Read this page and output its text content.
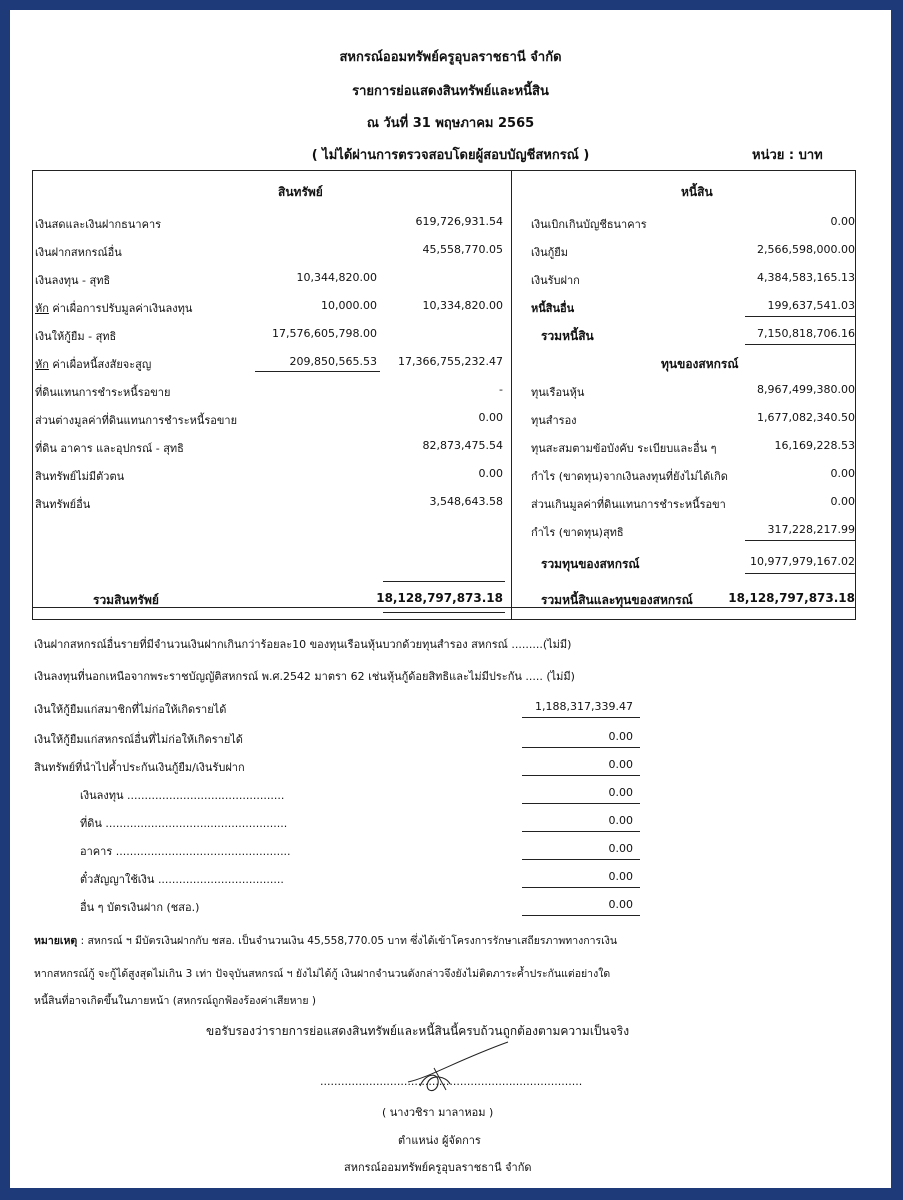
สหกรณ์ออมทรัพย์ครูอุบลราชธานี จำกัด
รายการย่อแสดงสินทรัพย์และหนี้สิน
ณ วันที่ 31 พฤษภาคม 2565
( ไม่ได้ผ่านการตรวจสอบโดยผู้สอบบัญชีสหกรณ์ )	หน่วย : บาท
สินทรัพย์	หนี้สิน
เงินสดและเงินฝากธนาคาร	619,726,931.54
เงินฝากสหกรณ์อื่น	45,558,770.05
เงินลงทุน - สุทธิ	10,344,820.00
หัก ค่าเผื่อการปรับมูลค่าเงินลงทุน	10,000.00	10,334,820.00
เงินให้กู้ยืม - สุทธิ	17,576,605,798.00
หัก ค่าเผื่อหนี้สงสัยจะสูญ	209,850,565.53 17,366,755,232.47
ที่ดินแทนการชำระหนี้รอขาย	-
ส่วนต่างมูลค่าที่ดินแทนการชำระหนี้รอขาย	0.00
ที่ดิน อาคาร และอุปกรณ์ - สุทธิ	82,873,475.54
สินทรัพย์ไม่มีตัวตน	0.00
สินทรัพย์อื่น	3,548,643.58
รวมสินทรัพย์	18,128,797,873.18
เงินเบิกเกินบัญชีธนาคาร	0.00
เงินกู้ยืม	2,566,598,000.00
เงินรับฝาก	4,384,583,165.13
หนี้สินอื่น	199,637,541.03
รวมหนี้สิน	7,150,818,706.16
ทุนของสหกรณ์
ทุนเรือนหุ้น	8,967,499,380.00
ทุนสำรอง	1,677,082,340.50
ทุนสะสมตามข้อบังคับ ระเบียบและอื่น ๆ	16,169,228.53
กำไร (ขาดทุน)จากเงินลงทุนที่ยังไม่ได้เกิด	0.00
ส่วนเกินมูลค่าที่ดินแทนการชำระหนี้รอขา	0.00
กำไร (ขาดทุน)สุทธิ	317,228,217.99
รวมทุนของสหกรณ์	10,977,979,167.02
รวมหนี้สินและทุนของสหกรณ์	18,128,797,873.18
เงินฝากสหกรณ์อื่นรายที่มีจำนวนเงินฝากเกินกว่าร้อยละ10 ของทุนเรือนหุ้นบวกด้วยทุนสำรอง สหกรณ์ .........(ไม่มี)
เงินลงทุนที่นอกเหนือจากพระราชบัญญัติสหกรณ์ พ.ศ.2542 มาตรา 62 เช่นหุ้นกู้ด้อยสิทธิและไม่มีประกัน ..... (ไม่มี)
เงินให้กู้ยืมแก่สมาชิกที่ไม่ก่อให้เกิดรายได้	1,188,317,339.47
เงินให้กู้ยืมแก่สหกรณ์อื่นที่ไม่ก่อให้เกิดรายได้	0.00
สินทรัพย์ที่นำไปค้ำประกันเงินกู้ยืม/เงินรับฝาก	0.00
เงินลงทุน .............................................	0.00
ที่ดิน ....................................................	0.00
อาคาร ..................................................	0.00
ตั๋วสัญญาใช้เงิน ....................................	0.00
อื่น ๆ บัตรเงินฝาก (ชสอ.)	0.00
หมายเหตุ : สหกรณ์ ฯ มีบัตรเงินฝากกับ ชสอ. เป็นจำนวนเงิน 45,558,770.05 บาท ซึ่งได้เข้าโครงการรักษาเสถียรภาพทางการเงิน
หากสหกรณ์กู้ จะกู้ได้สูงสุดไม่เกิน 3 เท่า ปัจจุบันสหกรณ์ ฯ ยังไม่ได้กู้ เงินฝากจำนวนดังกล่าวจึงยังไม่ติดภาระค้ำประกันแต่อย่างใด
หนี้สินที่อาจเกิดขึ้นในภายหน้า (สหกรณ์ถูกฟ้องร้องค่าเสียหาย )
ขอรับรองว่ารายการย่อแสดงสินทรัพย์และหนี้สินนี้ครบถ้วนถูกต้องตามความเป็นจริง
...........................................................................
( นางวชิรา มาลาหอม )
ตำแหน่ง ผู้จัดการ
สหกรณ์ออมทรัพย์ครูอุบลราชธานี จำกัด
